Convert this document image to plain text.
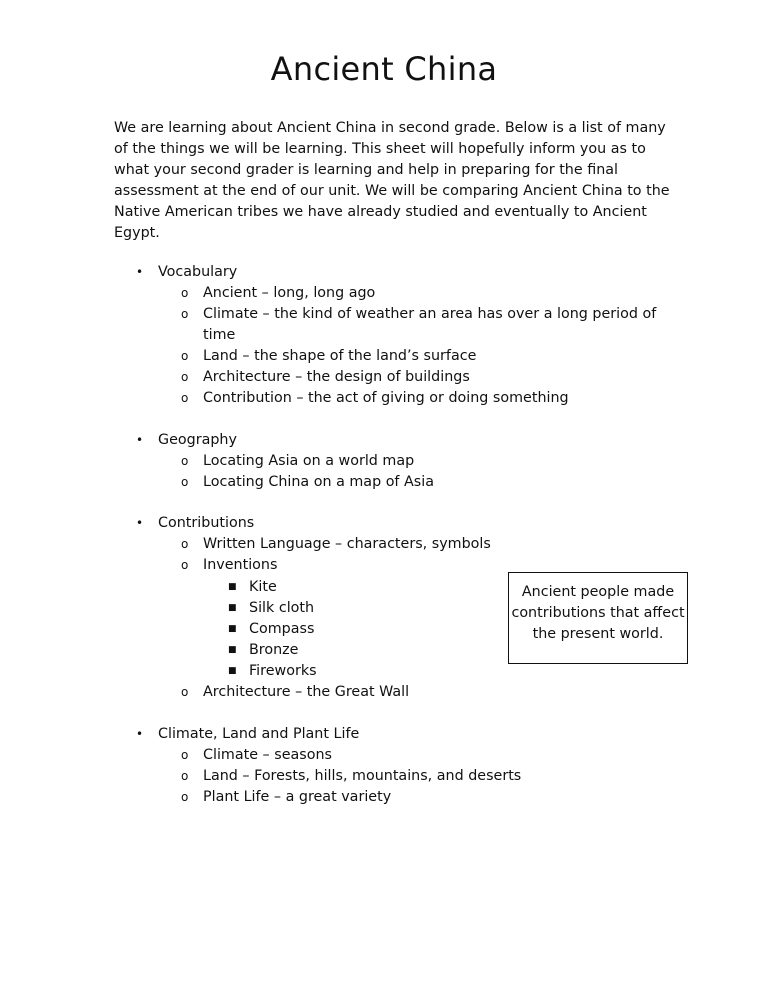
Ancient China

We are learning about Ancient China in second grade. Below is a list of many of the things we will be learning. This sheet will hopefully inform you as to what your second grader is learning and help in preparing for the final assessment at the end of our unit. We will be comparing Ancient China to the Native American tribes we have already studied and eventually to Ancient Egypt.

• Vocabulary
o Ancient – long, long ago
o Climate – the kind of weather an area has over a long period of
time
o Land – the shape of the land’s surface
o Architecture – the design of buildings
o Contribution – the act of giving or doing something
• Geography
o Locating Asia on a world map
o Locating China on a map of Asia
• Contributions
o Written Language – characters, symbols
o Inventions
■ Kite
■ Silk cloth
■ Compass
■ Bronze
■ Fireworks
o Architecture – the Great Wall
Ancient people made contributions that affect the present world.
• Climate, Land and Plant Life
o Climate – seasons
o Land – Forests, hills, mountains, and deserts
o Plant Life – a great variety
